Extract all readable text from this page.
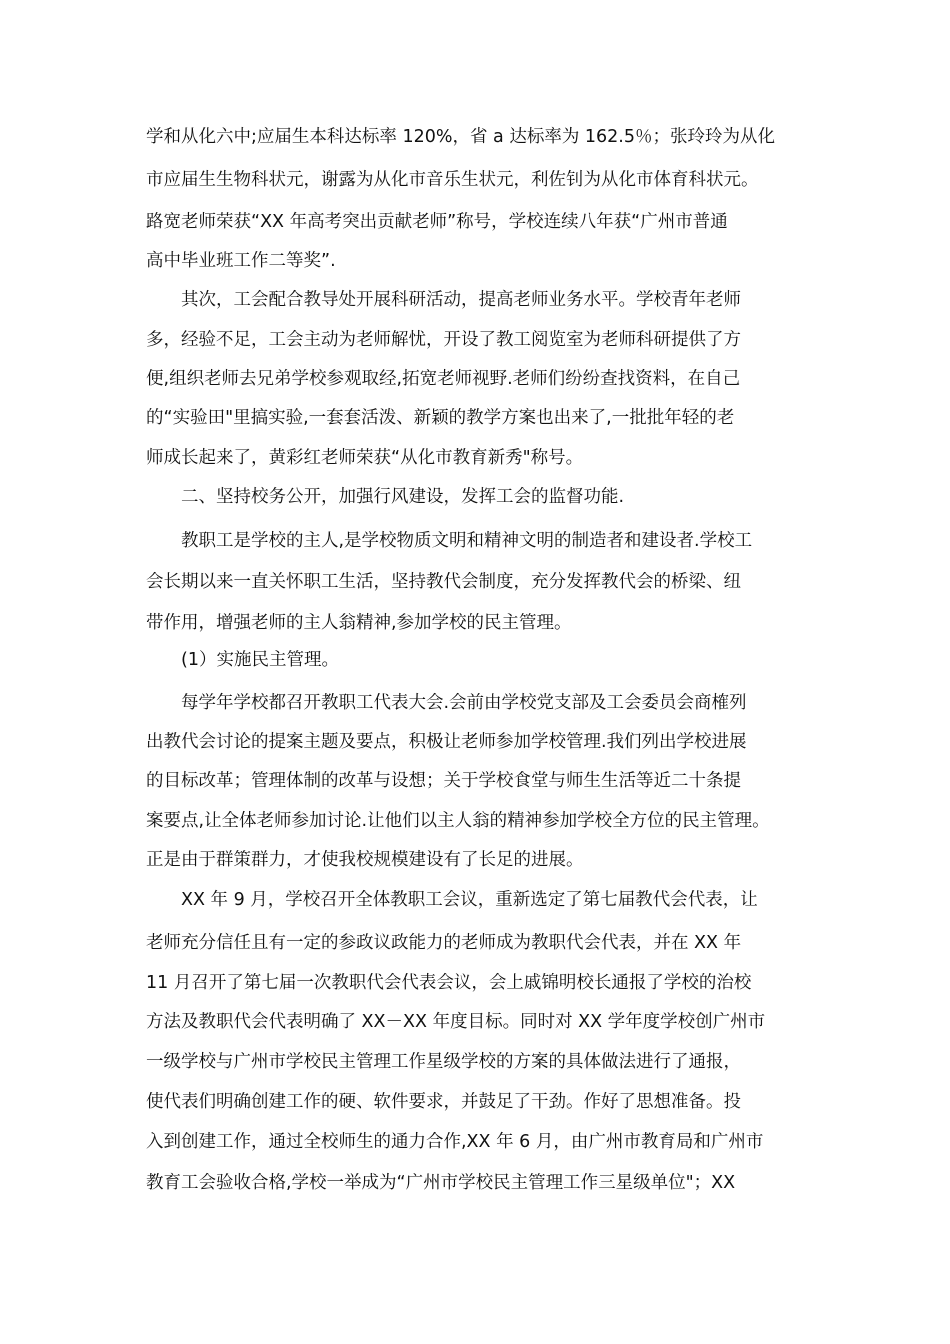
学和从化六中;应届生本科达标率 120%，省 a 达标率为 162.5％；张玲玲为从化
市应届生生物科状元，谢露为从化市音乐生状元，利佐钊为从化市体育科状元。
路宽老师荣获“XX 年高考突出贡献老师”称号，学校连续八年获“广州市普通
高中毕业班工作二等奖”.
其次，工会配合教导处开展科研活动，提高老师业务水平。学校青年老师
多，经验不足，工会主动为老师解忧，开设了教工阅览室为老师科研提供了方
便,组织老师去兄弟学校参观取经,拓宽老师视野.老师们纷纷查找资料，在自己
的“实验田"里搞实验,一套套活泼、新颖的教学方案也出来了,一批批年轻的老
师成长起来了，黄彩红老师荣获“从化市教育新秀"称号。
二、坚持校务公开，加强行风建设，发挥工会的监督功能.
教职工是学校的主人,是学校物质文明和精神文明的制造者和建设者.学校工
会长期以来一直关怀职工生活，坚持教代会制度，充分发挥教代会的桥梁、纽
带作用，增强老师的主人翁精神,参加学校的民主管理。
(1）实施民主管理。
每学年学校都召开教职工代表大会.会前由学校党支部及工会委员会商榷列
出教代会讨论的提案主题及要点，积极让老师参加学校管理.我们列出学校进展
的目标改革；管理体制的改革与设想；关于学校食堂与师生生活等近二十条提
案要点,让全体老师参加讨论.让他们以主人翁的精神参加学校全方位的民主管理。
正是由于群策群力，才使我校规模建设有了长足的进展。
XX 年 9 月，学校召开全体教职工会议，重新选定了第七届教代会代表，让
老师充分信任且有一定的参政议政能力的老师成为教职代会代表，并在 XX 年
11 月召开了第七届一次教职代会代表会议，会上戚锦明校长通报了学校的治校
方法及教职代会代表明确了 XX－XX 年度目标。同时对 XX 学年度学校创广州市
一级学校与广州市学校民主管理工作星级学校的方案的具体做法进行了通报，
使代表们明确创建工作的硬、软件要求，并鼓足了干劲。作好了思想准备。投
入到创建工作，通过全校师生的通力合作,XX 年 6 月，由广州市教育局和广州市
教育工会验收合格,学校一举成为“广州市学校民主管理工作三星级单位"；XX
